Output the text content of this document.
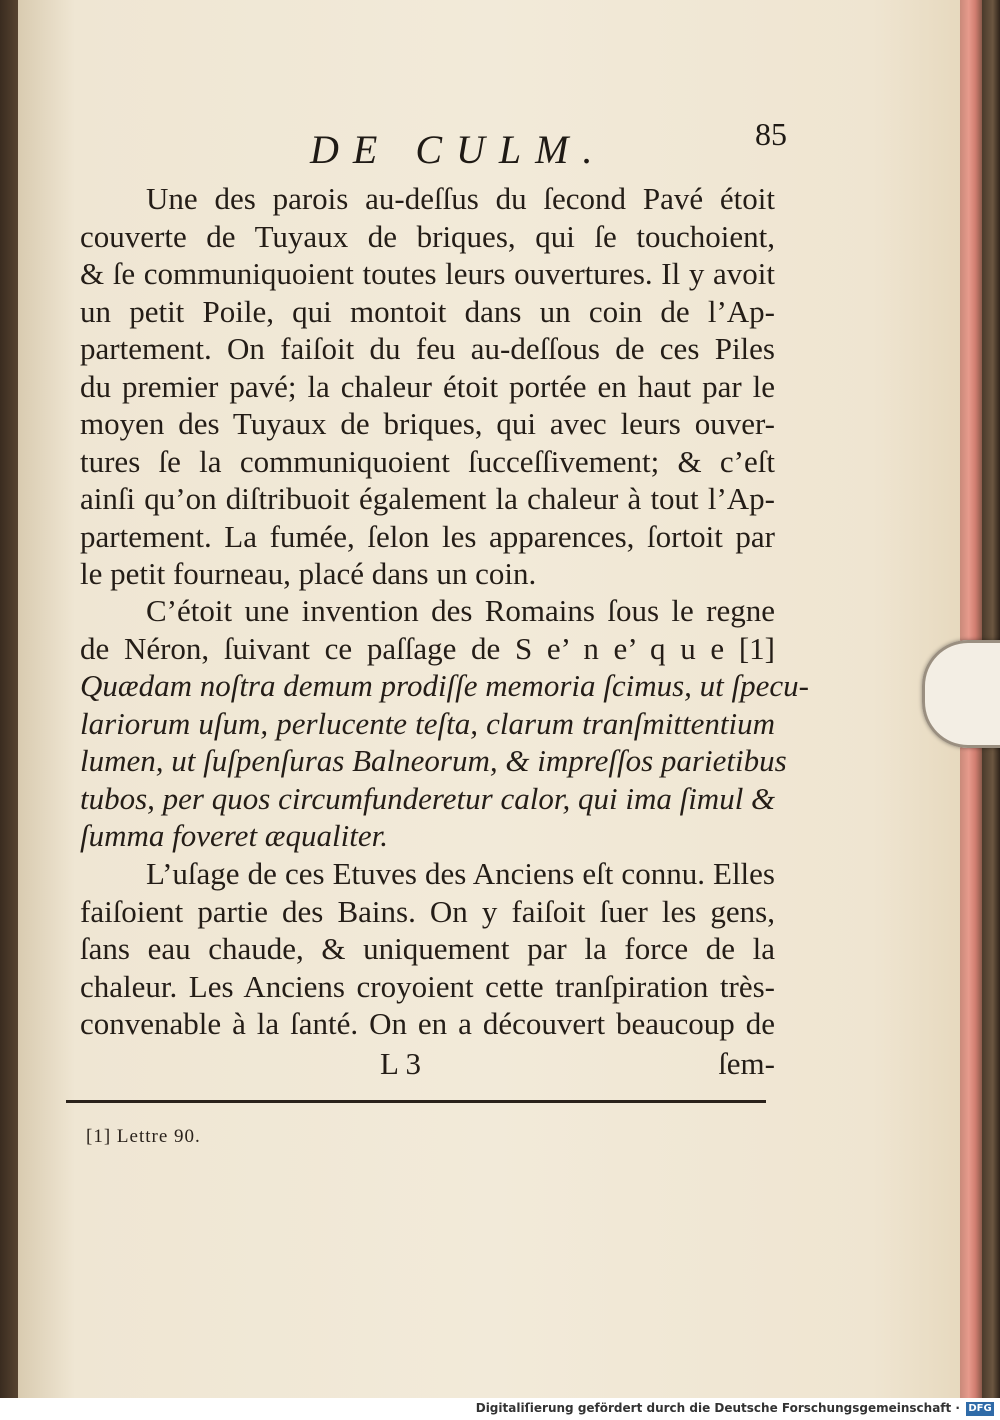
DE CULM.	85
Une des parois au-deſſus du ſecond Pavé étoit
couverte de Tuyaux de briques, qui ſe touchoient,
& ſe communiquoient toutes leurs ouvertures. Il y avoit
un petit Poile, qui montoit dans un coin de l’Ap-
partement. On faiſoit du feu au-deſſous de ces Piles
du premier pavé; la chaleur étoit portée en haut par le
moyen des Tuyaux de briques, qui avec leurs ouver-
tures ſe la communiquoient ſucceſſivement; & c’eſt
ainſi qu’on diſtribuoit également la chaleur à tout l’Ap-
partement. La fumée, ſelon les apparences, ſortoit par
le petit fourneau, placé dans un coin.
C’étoit une invention des Romains ſous le regne
de Néron, ſuivant ce paſſage de S e’ n e’ q u e [1]
Quædam noſtra demum prodiſſe memoria ſcimus, ut ſpecu-
lariorum uſum, perlucente teſta, clarum tranſmittentium
lumen, ut ſuſpenſuras Balneorum, & impreſſos parietibus
tubos, per quos circumfunderetur calor, qui ima ſimul &
ſumma foveret æqualiter.
L’uſage de ces Etuves des Anciens eſt connu. Elles
faiſoient partie des Bains. On y faiſoit ſuer les gens,
ſans eau chaude, & uniquement par la force de la
chaleur. Les Anciens croyoient cette tranſpiration très-
convenable à la ſanté. On en a découvert beaucoup de
L 3	ſem-
[1] Lettre 90.
Digitaliſierung gefördert durch die Deutsche Forschungsgemeinschaft · DFG
